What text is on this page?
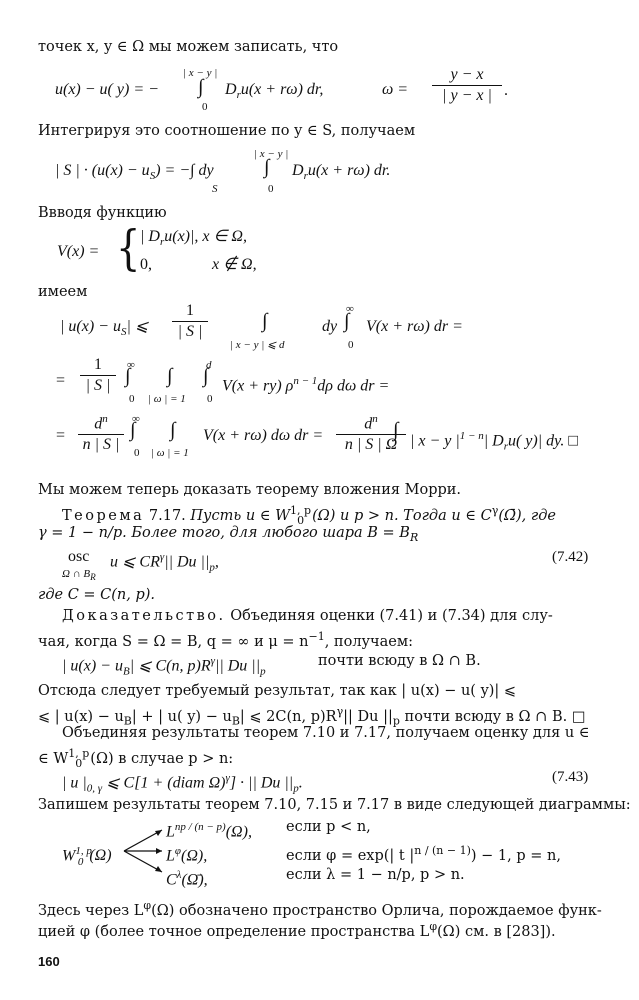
точек x, y ∈ Ω мы можем записать, что
u(x) − u( y) = −
| x − y |
∫
0
$D_ru(x + r\omega)$ dr,	ω =
y − x
| y − x | .
Интегрируя это соотношение по y ∈ S, получаем
| S | · $(u(x) - u_S)$ = −∫ dy
S
| x − y |
∫
0
$D_ru(x + r\omega)$ dr.
Ввводя функцию
V(x) = { | $D_ru(x)|$, x ∈ Ω,
0,	x ∉ Ω,
имеем
| $u(x) - u_S|$ ⩽
1
| S |	∫
| x − y | ⩽ d
dy
∞
∫
0
V(x + rω) dr =
=
1
| S |
∞
∫
0
∫
| ω | = 1
d
∫
0
V(x + ry) $\rho^{n - 1}d\rho$ dω dr =
=
$d^n$
n | S |
∞
∫
0
∫
| ω | = 1
V(x + rω) dω dr =
$d^n$
n | S | Ω
∫ | x − y $|^{1 - n}|$ $D_ru$( y)| dy. □
Мы можем теперь доказать теорему вложения Морри.
Теорема 7.17. Пусть u ∈ W$^{1, p}_0$ (Ω) и p > n. Тогда u ∈ $C^\gamma(\Omegā)$, где
γ = 1 − n/p. Более того, для любого шара $B = B_R$
osc
Ω ∩ $B_R$
u ⩽ $CR^\gamma||$ Du $||_p$,	(7.42)
где C = C(n, p).
Доказательство. Объединяя оценки (7.41) и (7.34) для слу-
чая, когда S = Ω = B, q = ∞ и $\mu = n^{-1}$, получаем:
| $u(x) - u_B|$ ⩽ C(n, $p)R^\gamma||$ Du $||_p$
почти всюду в Ω ∩ B.
Отсюда следует требуемый результат, так как | u(x) − u( y)| ⩽
⩽ | $u(x) - u_B|$ + | u( $y) - u_B|$ ⩽ 2C(n, $p)R^\gamma||$ Du $||_p$ почти всюду в Ω ∩ B. □
Объединяя результаты теорем 7.10 и 7.17, получаем оценку для u ∈
∈ W$^{1, p}_0$ (Ω) в случае p > n:
| u $|_{0, \gamma}$ ⩽ C[1 + (diam Ω)$^\gamma$] · || Du $||_p$.	(7.43)
Запишем результаты теорем 7.10, 7.15 и 7.17 в виде следующей диаграммы:
W$^{1, p}_0$ (Ω)
$L^{np / (n - p)}(\Omega)$, если p < n,
$L^\varphi(\Omega)$,	если φ = exp(| t $|^{n / (n - 1)}) - 1$, p = n,
$C^\lambda(\Omegā)$,	если λ = 1 − n/p, p > n.
Здесь через $L^\varphi(\Omega)$ обозначено пространство Орлича, порождаемое функ-
цией φ (более точное определение пространства $L^\varphi(\Omega)$ см. в [283]).
160
